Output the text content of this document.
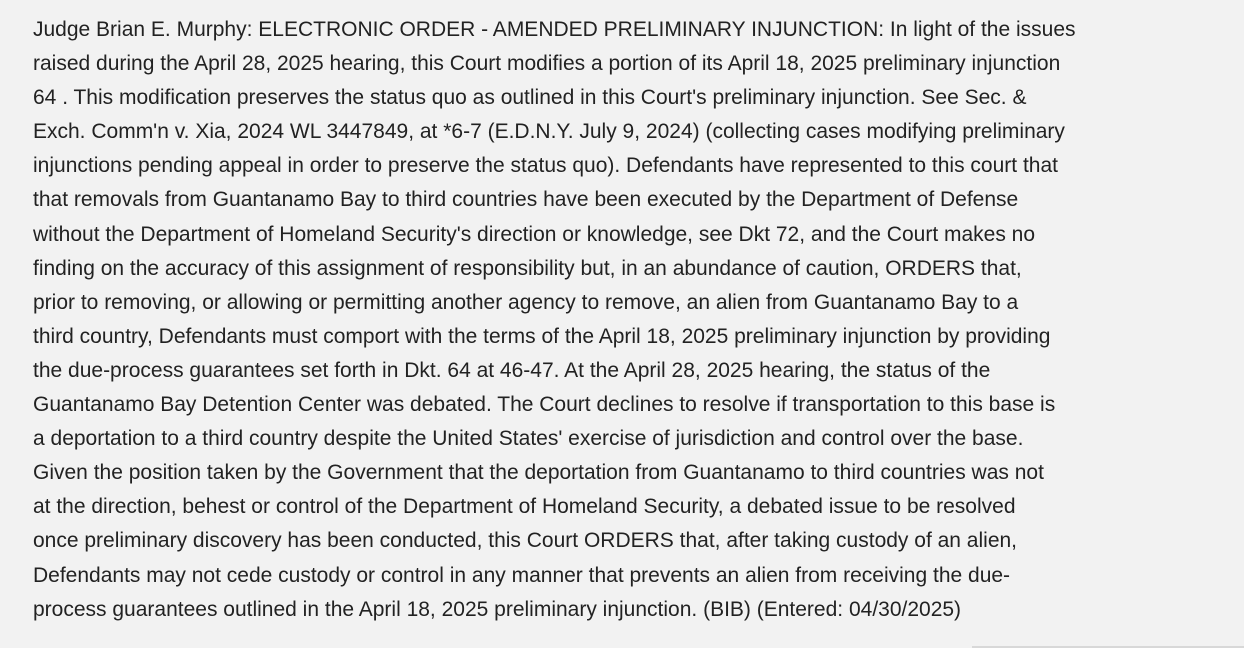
Judge Brian E. Murphy: ELECTRONIC ORDER - AMENDED PRELIMINARY INJUNCTION: In light of the issues
raised during the April 28, 2025 hearing, this Court modifies a portion of its April 18, 2025 preliminary injunction
64 . This modification preserves the status quo as outlined in this Court's preliminary injunction. See Sec. &
Exch. Comm'n v. Xia, 2024 WL 3447849, at *6-7 (E.D.N.Y. July 9, 2024) (collecting cases modifying preliminary
injunctions pending appeal in order to preserve the status quo). Defendants have represented to this court that
that removals from Guantanamo Bay to third countries have been executed by the Department of Defense
without the Department of Homeland Security's direction or knowledge, see Dkt 72, and the Court makes no
finding on the accuracy of this assignment of responsibility but, in an abundance of caution, ORDERS that,
prior to removing, or allowing or permitting another agency to remove, an alien from Guantanamo Bay to a
third country, Defendants must comport with the terms of the April 18, 2025 preliminary injunction by providing
the due-process guarantees set forth in Dkt. 64 at 46-47. At the April 28, 2025 hearing, the status of the
Guantanamo Bay Detention Center was debated. The Court declines to resolve if transportation to this base is
a deportation to a third country despite the United States' exercise of jurisdiction and control over the base.
Given the position taken by the Government that the deportation from Guantanamo to third countries was not
at the direction, behest or control of the Department of Homeland Security, a debated issue to be resolved
once preliminary discovery has been conducted, this Court ORDERS that, after taking custody of an alien,
Defendants may not cede custody or control in any manner that prevents an alien from receiving the due-
process guarantees outlined in the April 18, 2025 preliminary injunction. (BIB) (Entered: 04/30/2025)
